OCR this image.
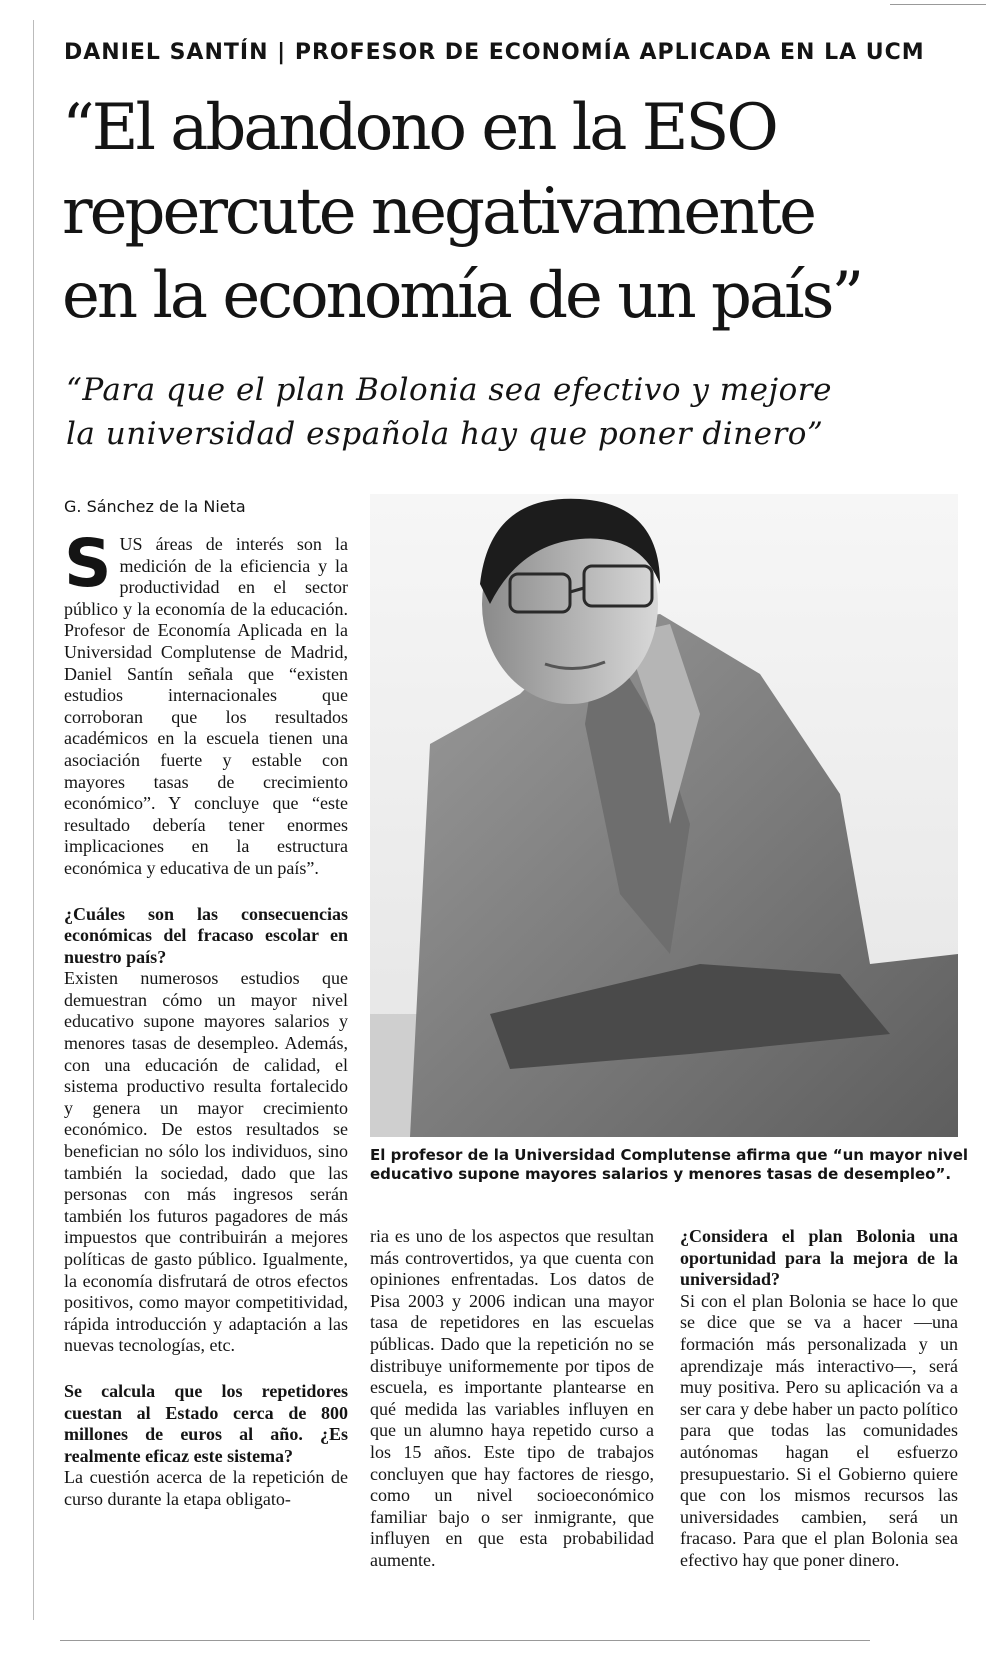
DANIEL SANTÍN | PROFESOR DE ECONOMÍA APLICADA EN LA UCM
“El abandono en la ESO
repercute negativamente
en la economía de un país”
“Para que el plan Bolonia sea efectivo y mejore
la universidad española hay que poner dinero”
G. Sánchez de la Nieta

SUS áreas de interés son la medición de la eficiencia y la productividad en el sector público y la economía de la educación. Profesor de Economía Aplicada en la Universidad Complutense de Madrid, Daniel Santín señala que “existen estudios internacionales que corroboran que los resultados académicos en la escuela tienen una asociación fuerte y estable con mayores tasas de crecimiento económico”. Y concluye que “este resultado debería tener enormes implicaciones en la estructura económica y educativa de un país”.

¿Cuáles son las consecuencias económicas del fracaso escolar en nuestro país?

Existen numerosos estudios que demuestran cómo un mayor nivel educativo supone mayores salarios y menores tasas de desempleo. Además, con una educación de calidad, el sistema productivo resulta fortalecido y genera un mayor crecimiento económico. De estos resultados se benefician no sólo los individuos, sino también la sociedad, dado que las personas con más ingresos serán también los futuros pagadores de más impuestos que contribuirán a mejores políticas de gasto público. Igualmente, la economía disfrutará de otros efectos positivos, como mayor competitividad, rápida introducción y adaptación a las nuevas tecnologías, etc.

Se calcula que los repetidores cuestan al Estado cerca de 800 millones de euros al año. ¿Es realmente eficaz este sistema?

La cuestión acerca de la repetición de curso durante la etapa obligato-

El profesor de la Universidad Complutense afirma que “un mayor nivel
educativo supone mayores salarios y menores tasas de desempleo”.

ria es uno de los aspectos que resultan más controvertidos, ya que cuenta con opiniones enfrentadas. Los datos de Pisa 2003 y 2006 indican una mayor tasa de repetidores en las escuelas públicas. Dado que la repetición no se distribuye uniformemente por tipos de escuela, es importante plantearse en qué medida las variables influyen en que un alumno haya repetido curso a los 15 años. Este tipo de trabajos concluyen que hay factores de riesgo, como un nivel socioeconómico familiar bajo o ser inmigrante, que influyen en que esta probabilidad aumente.

¿Considera el plan Bolonia una oportunidad para la mejora de la universidad?

Si con el plan Bolonia se hace lo que se dice que se va a hacer —una formación más personalizada y un aprendizaje más interactivo—, será muy positiva. Pero su aplicación va a ser cara y debe haber un pacto político para que todas las comunidades autónomas hagan el esfuerzo presupuestario. Si el Gobierno quiere que con los mismos recursos las universidades cambien, será un fracaso. Para que el plan Bolonia sea efectivo hay que poner dinero.
